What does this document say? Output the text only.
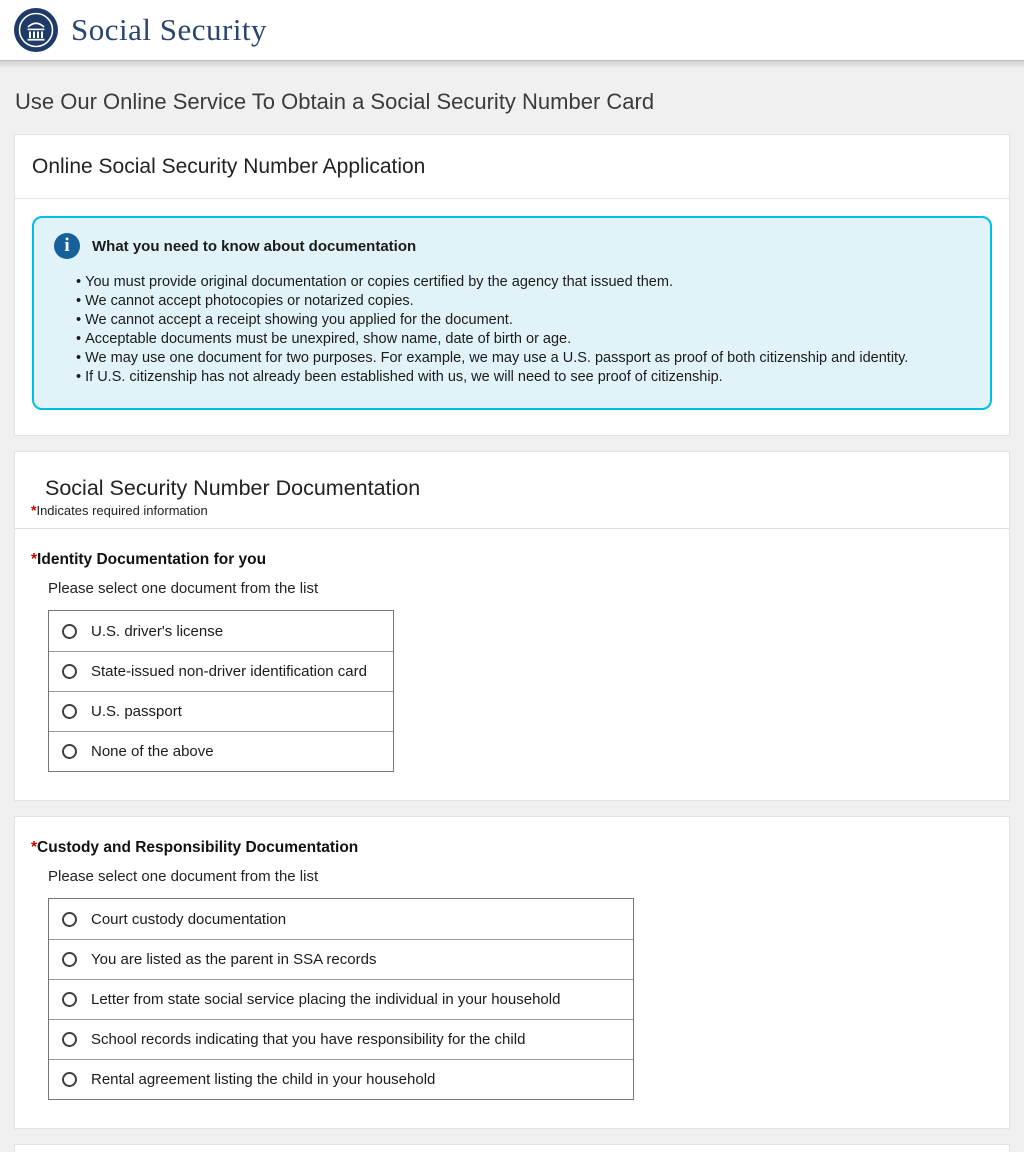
Social Security
Use Our Online Service To Obtain a Social Security Number Card
Online Social Security Number Application
i
What you need to know about documentation
• You must provide original documentation or copies certified by the agency that issued them.
• We cannot accept photocopies or notarized copies.
• We cannot accept a receipt showing you applied for the document.
• Acceptable documents must be unexpired, show name, date of birth or age.
• We may use one document for two purposes. For example, we may use a U.S. passport as proof of both citizenship and identity.
• If U.S. citizenship has not already been established with us, we will need to see proof of citizenship.
Social Security Number Documentation
*Indicates required information
*Identity Documentation for you
Please select one document from the list
U.S. driver's license
State-issued non-driver identification card
U.S. passport
None of the above
*Custody and Responsibility Documentation
Please select one document from the list
Court custody documentation
You are listed as the parent in SSA records
Letter from state social service placing the individual in your household
School records indicating that you have responsibility for the child
Rental agreement listing the child in your household
